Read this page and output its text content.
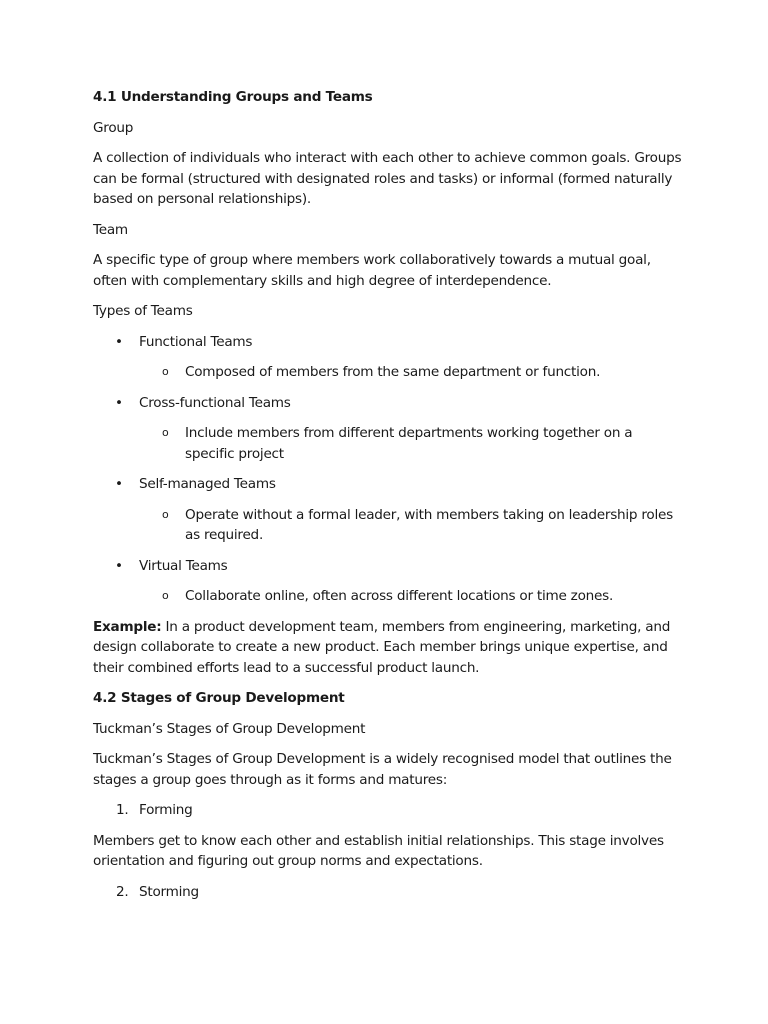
4.1 Understanding Groups and Teams

Group

A collection of individuals who interact with each other to achieve common goals. Groups can be formal (structured with designated roles and tasks) or informal (formed naturally based on personal relationships).

Team

A specific type of group where members work collaboratively towards a mutual goal, often with complementary skills and high degree of interdependence.

Types of Teams

• Functional Teams
o Composed of members from the same department or function.
• Cross-functional Teams
o Include members from different departments working together on a specific project
• Self-managed Teams
o Operate without a formal leader, with members taking on leadership roles as required.
• Virtual Teams
o Collaborate online, often across different locations or time zones.

Example: In a product development team, members from engineering, marketing, and design collaborate to create a new product. Each member brings unique expertise, and their combined efforts lead to a successful product launch.

4.2 Stages of Group Development

Tuckman’s Stages of Group Development

Tuckman’s Stages of Group Development is a widely recognised model that outlines the stages a group goes through as it forms and matures:

1. Forming

Members get to know each other and establish initial relationships. This stage involves orientation and figuring out group norms and expectations.

2. Storming
